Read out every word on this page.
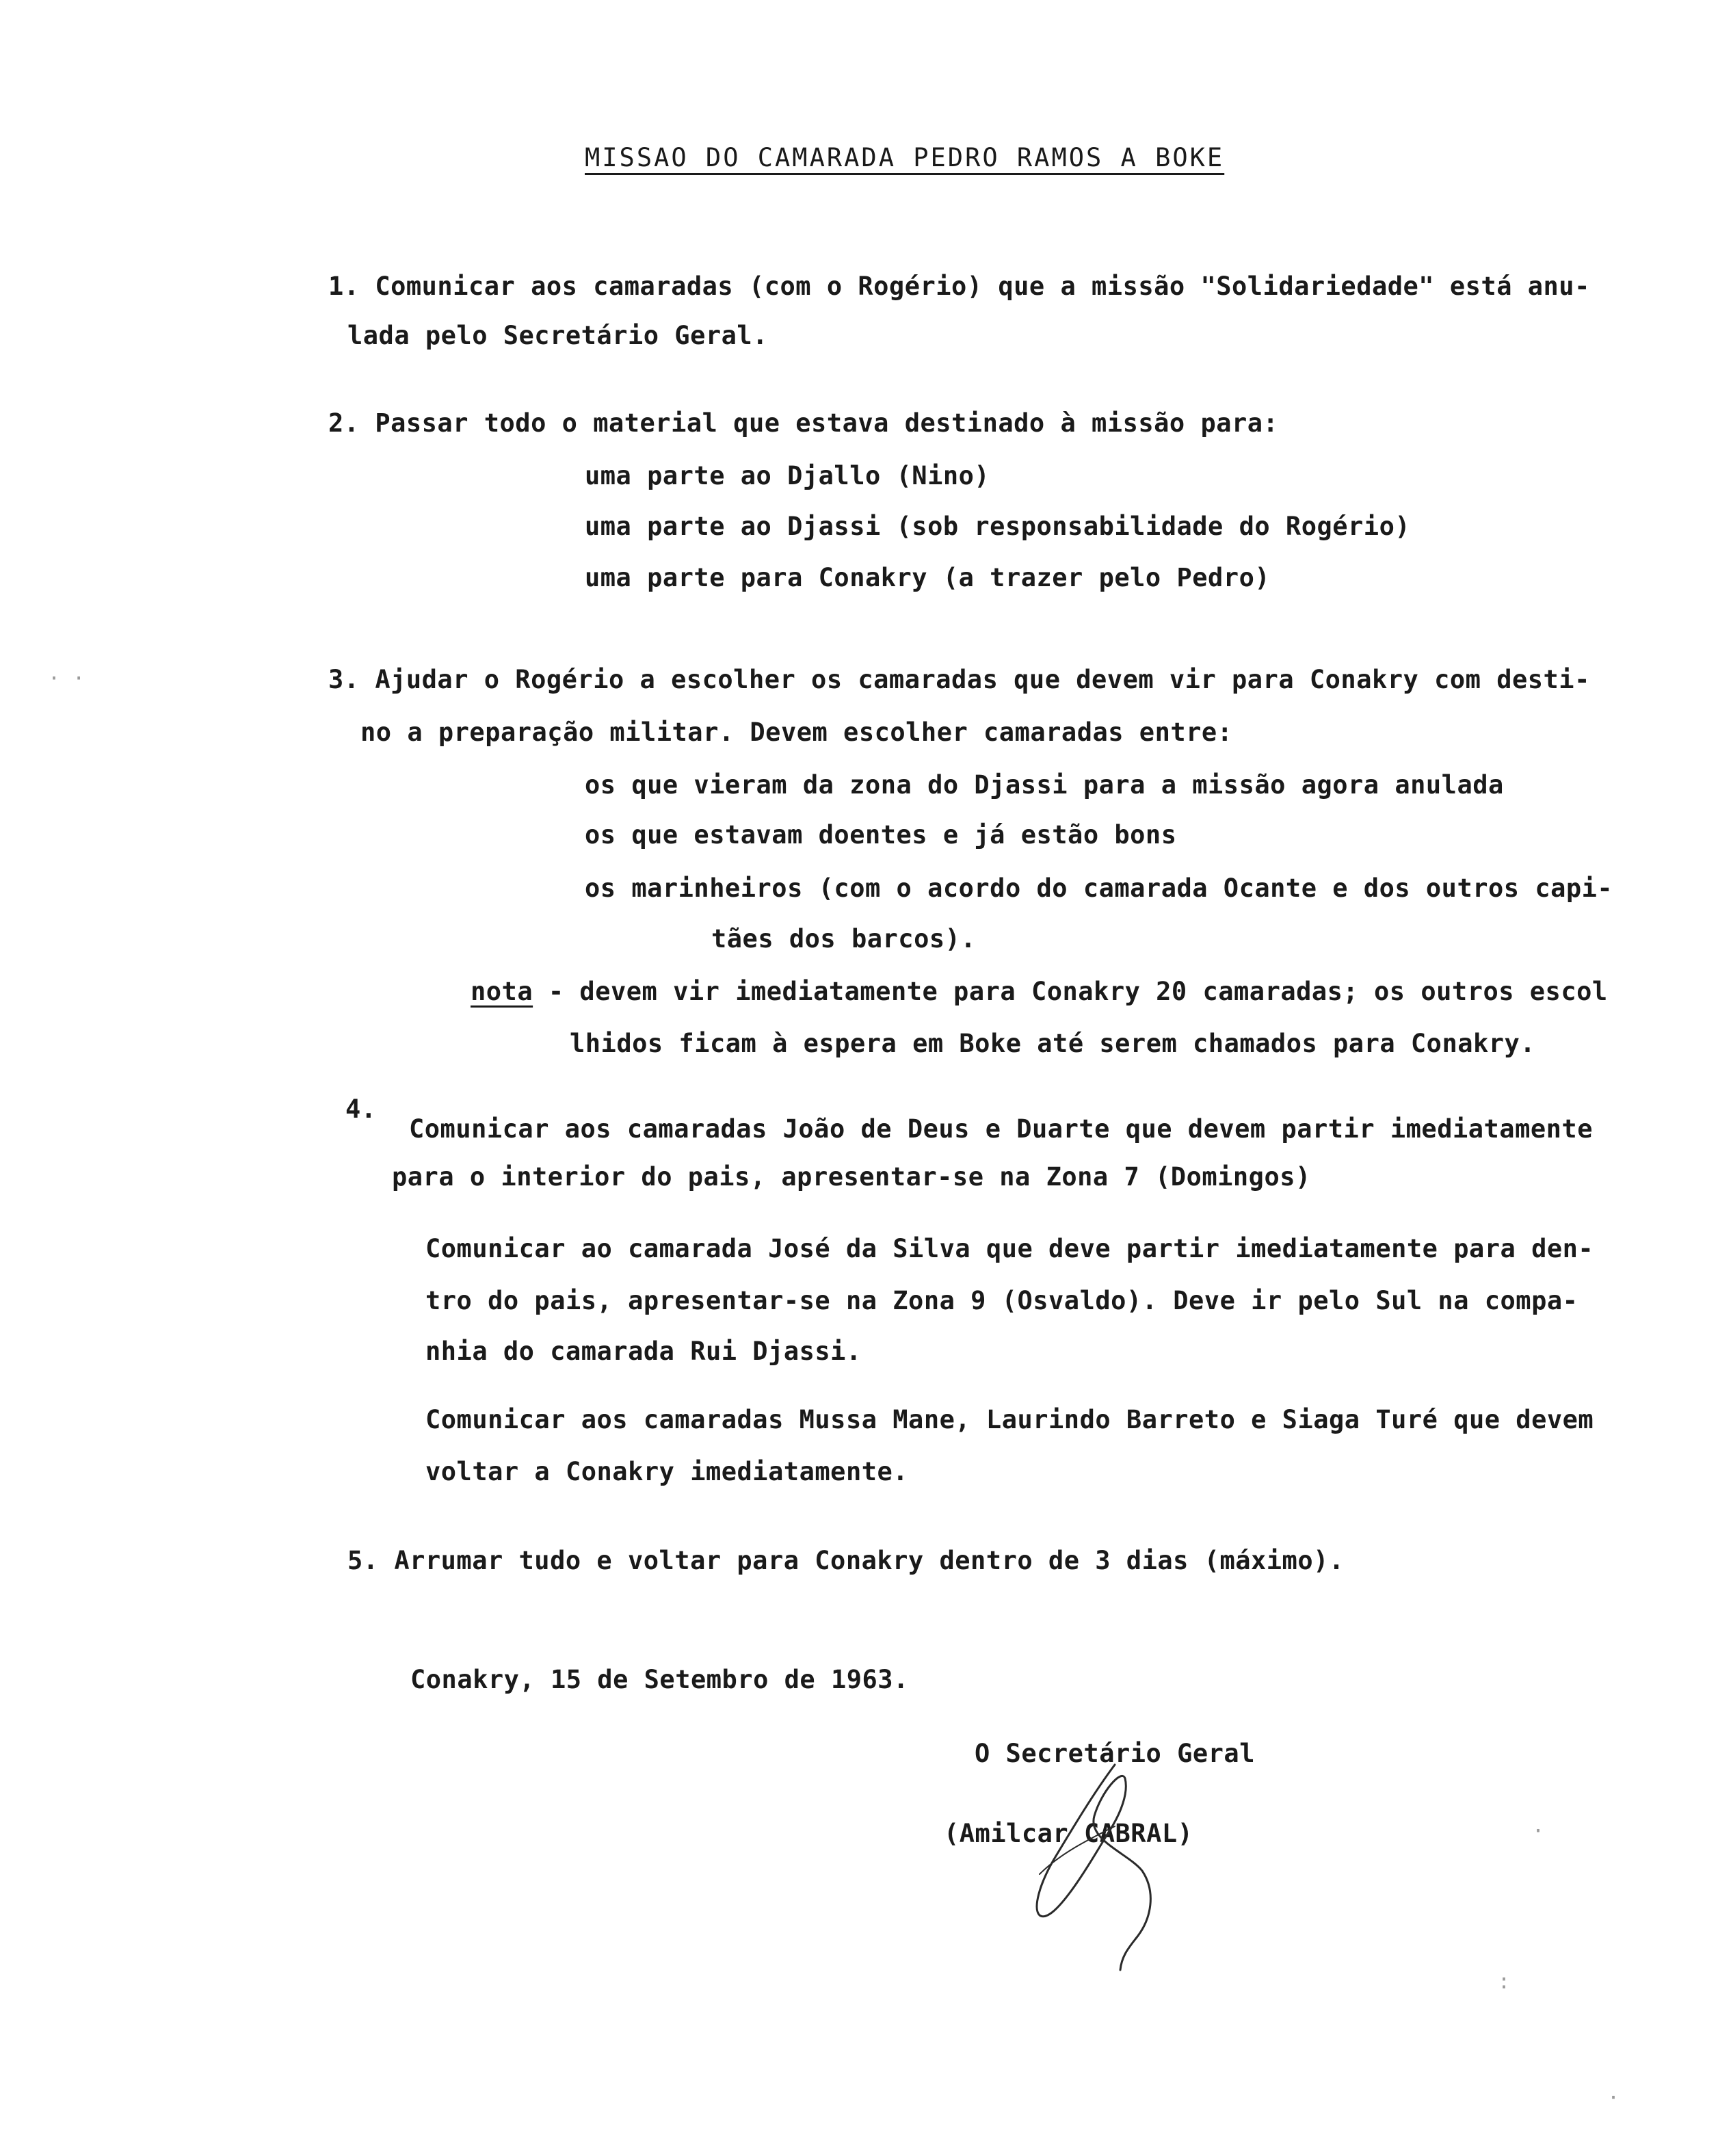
MISSAO DO CAMARADA PEDRO RAMOS A BOKE
1. Comunicar aos camaradas (com o Rogério) que a missão "Solidariedade" está anu-
lada pelo Secretário Geral.
2. Passar todo o material que estava destinado à missão para:
uma parte ao Djallo (Nino)
uma parte ao Djassi (sob responsabilidade do Rogério)
uma parte para Conakry (a trazer pelo Pedro)
3. Ajudar o Rogério a escolher os camaradas que devem vir para Conakry com desti-
no a preparação militar. Devem escolher camaradas entre:
os que vieram da zona do Djassi para a missão agora anulada
os que estavam doentes e já estão bons
os marinheiros (com o acordo do camarada Ocante e dos outros capi-
tães dos barcos).
nota - devem vir imediatamente para Conakry 20 camaradas; os outros escol
lhidos ficam à espera em Boke até serem chamados para Conakry.
4.
Comunicar aos camaradas João de Deus e Duarte que devem partir imediatamente
para o interior do pais, apresentar-se na Zona 7 (Domingos)
Comunicar ao camarada José da Silva que deve partir imediatamente para den-
tro do pais, apresentar-se na Zona 9 (Osvaldo). Deve ir pelo Sul na compa-
nhia do camarada Rui Djassi.
Comunicar aos camaradas Mussa Mane, Laurindo Barreto e Siaga Turé que devem
voltar a Conakry imediatamente.
5. Arrumar tudo e voltar para Conakry dentro de 3 dias (máximo).
Conakry, 15 de Setembro de 1963.
O Secretário Geral
(Amilcar CABRAL)
· ·
·
:
·
